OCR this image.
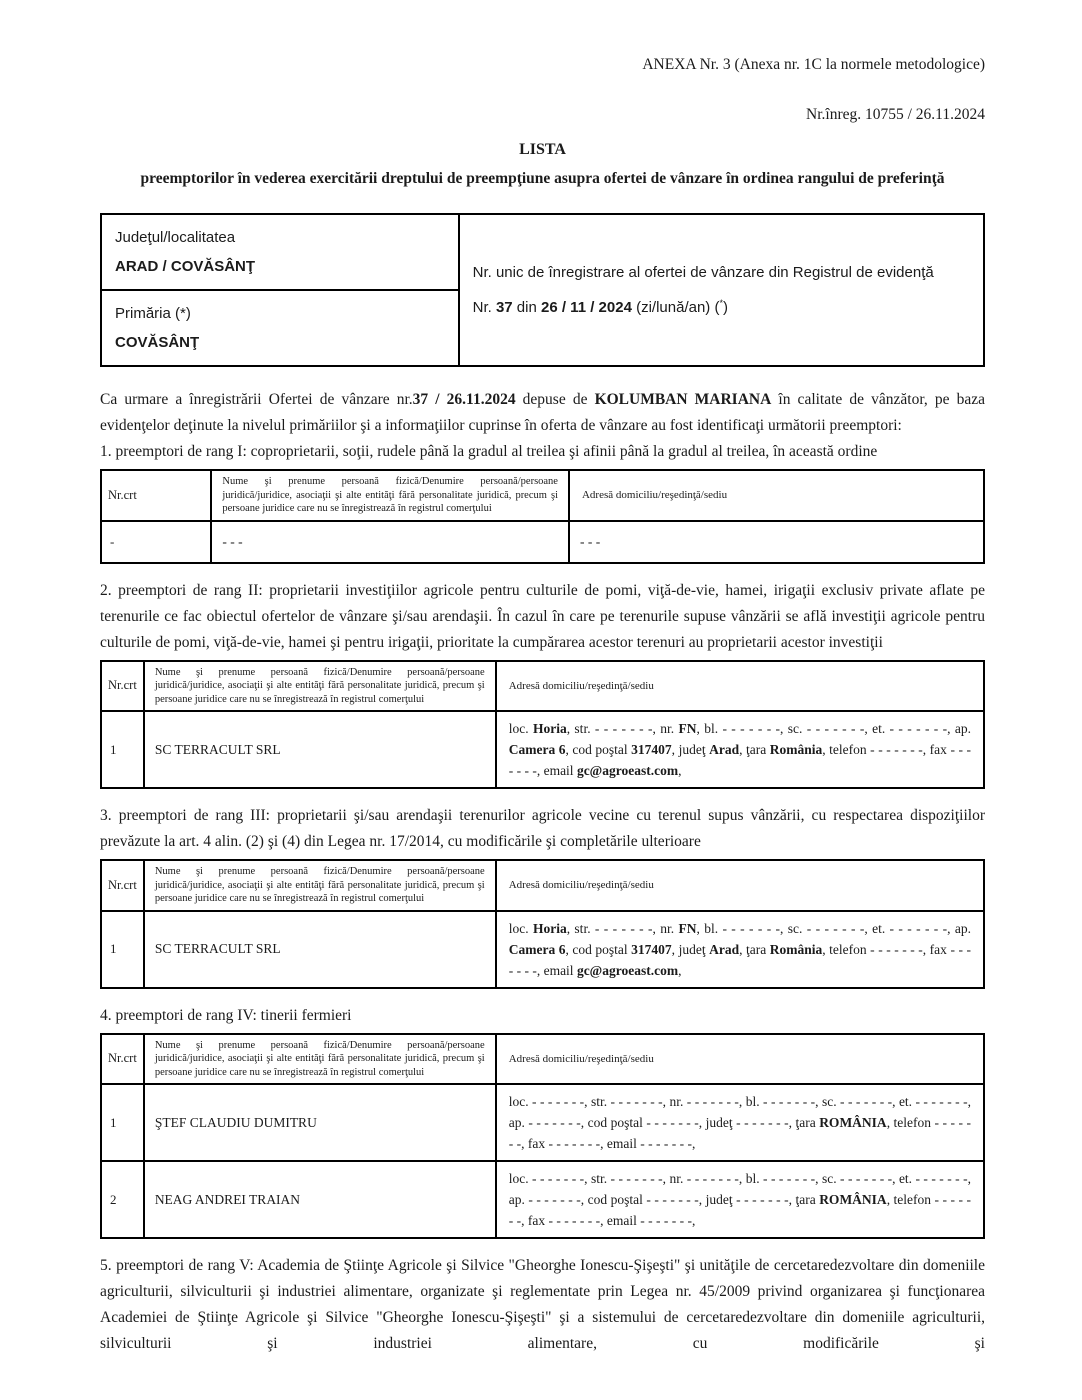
ANEXA Nr. 3 (Anexa nr. 1C la normele metodologice)
Nr.înreg. 10755 / 26.11.2024
LISTA
preemptorilor în vederea exercitării dreptului de preempţiune asupra ofertei de vânzare în ordinea rangului de preferinţă
Judeţul/localitatea
ARAD / COVĂSÂNŢ	Nr. unic de înregistrare al ofertei de vânzare din Registrul de evidenţă
Nr. 37 din 26 / 11 / 2024 (zi/lună/an) (*)

Primăria (*)
COVĂSÂNŢ

Ca urmare a înregistrării Ofertei de vânzare nr.37 / 26.11.2024 depuse de KOLUMBAN MARIANA în calitate de vânzător, pe baza evidenţelor deţinute la nivelul primăriilor şi a informaţiilor cuprinse în oferta de vânzare au fost identificaţi următorii preemptori:

1. preemptori de rang I: coproprietarii, soţii, rudele până la gradul al treilea şi afinii până la gradul al treilea, în această ordine

Nr.crt	Nume şi prenume persoană fizică/Denumire persoană/persoane juridică/juridice, asociaţii şi alte entităţi fără personalitate juridică, precum şi persoane juridice care nu se înregistrează în registrul comerţului	Adresă domiciliu/reşedinţă/sediu
-	- - -	- - -

2. preemptori de rang II: proprietarii investiţiilor agricole pentru culturile de pomi, viţă-de-vie, hamei, irigaţii exclusiv private aflate pe terenurile ce fac obiectul ofertelor de vânzare şi/sau arendaşii. În cazul în care pe terenurile supuse vânzării se află investiţii agricole pentru culturile de pomi, viţă-de-vie, hamei şi pentru irigaţii, prioritate la cumpărarea acestor terenuri au proprietarii acestor investiţii

Nr.crt	Nume şi prenume persoană fizică/Denumire persoană/persoane juridică/juridice, asociaţii şi alte entităţi fără personalitate juridică, precum şi persoane juridice care nu se înregistrează în registrul comerţului	Adresă domiciliu/reşedinţă/sediu
1	SC TERRACULT SRL	loc. Horia, str. - - - - - - -, nr. FN, bl. - - - - - - -, sc. - - - - - - -, et. - - - - - - -, ap. Camera 6, cod poştal 317407, judeţ Arad, ţara România, telefon - - - - - - -, fax - - - - - - -, email gc@agroeast.com,

3. preemptori de rang III: proprietarii şi/sau arendaşii terenurilor agricole vecine cu terenul supus vânzării, cu respectarea dispoziţiilor prevăzute la art. 4 alin. (2) şi (4) din Legea nr. 17/2014, cu modificările şi completările ulterioare

Nr.crt	Nume şi prenume persoană fizică/Denumire persoană/persoane juridică/juridice, asociaţii şi alte entităţi fără personalitate juridică, precum şi persoane juridice care nu se înregistrează în registrul comerţului	Adresă domiciliu/reşedinţă/sediu
1	SC TERRACULT SRL	loc. Horia, str. - - - - - - -, nr. FN, bl. - - - - - - -, sc. - - - - - - -, et. - - - - - - -, ap. Camera 6, cod poştal 317407, judeţ Arad, ţara România, telefon - - - - - - -, fax - - - - - - -, email gc@agroeast.com,

4. preemptori de rang IV: tinerii fermieri

Nr.crt	Nume şi prenume persoană fizică/Denumire persoană/persoane juridică/juridice, asociaţii şi alte entităţi fără personalitate juridică, precum şi persoane juridice care nu se înregistrează în registrul comerţului	Adresă domiciliu/reşedinţă/sediu
1	ŞTEF CLAUDIU DUMITRU	loc. - - - - - - -, str. - - - - - - -, nr. - - - - - - -, bl. - - - - - - -, sc. - - - - - - -, et. - - - - - - -, ap. - - - - - - -, cod poştal - - - - - - -, judeţ - - - - - - -, ţara ROMÂNIA, telefon - - - - - - -, fax - - - - - - -, email - - - - - - -,
2	NEAG ANDREI TRAIAN	loc. - - - - - - -, str. - - - - - - -, nr. - - - - - - -, bl. - - - - - - -, sc. - - - - - - -, et. - - - - - - -, ap. - - - - - - -, cod poştal - - - - - - -, judeţ - - - - - - -, ţara ROMÂNIA, telefon - - - - - - -, fax - - - - - - -, email - - - - - - -,

5. preemptori de rang V: Academia de Ştiinţe Agricole şi Silvice "Gheorghe Ionescu-Şişeşti" şi unităţile de cercetaredezvoltare din domeniile agriculturii, silviculturii şi industriei alimentare, organizate şi reglementate prin Legea nr. 45/2009 privind organizarea şi funcţionarea Academiei de Ştiinţe Agricole şi Silvice "Gheorghe Ionescu-Şişeşti" şi a sistemului de cercetaredezvoltare din domeniile agriculturii, silviculturii şi industriei alimentare, cu modificările şi
